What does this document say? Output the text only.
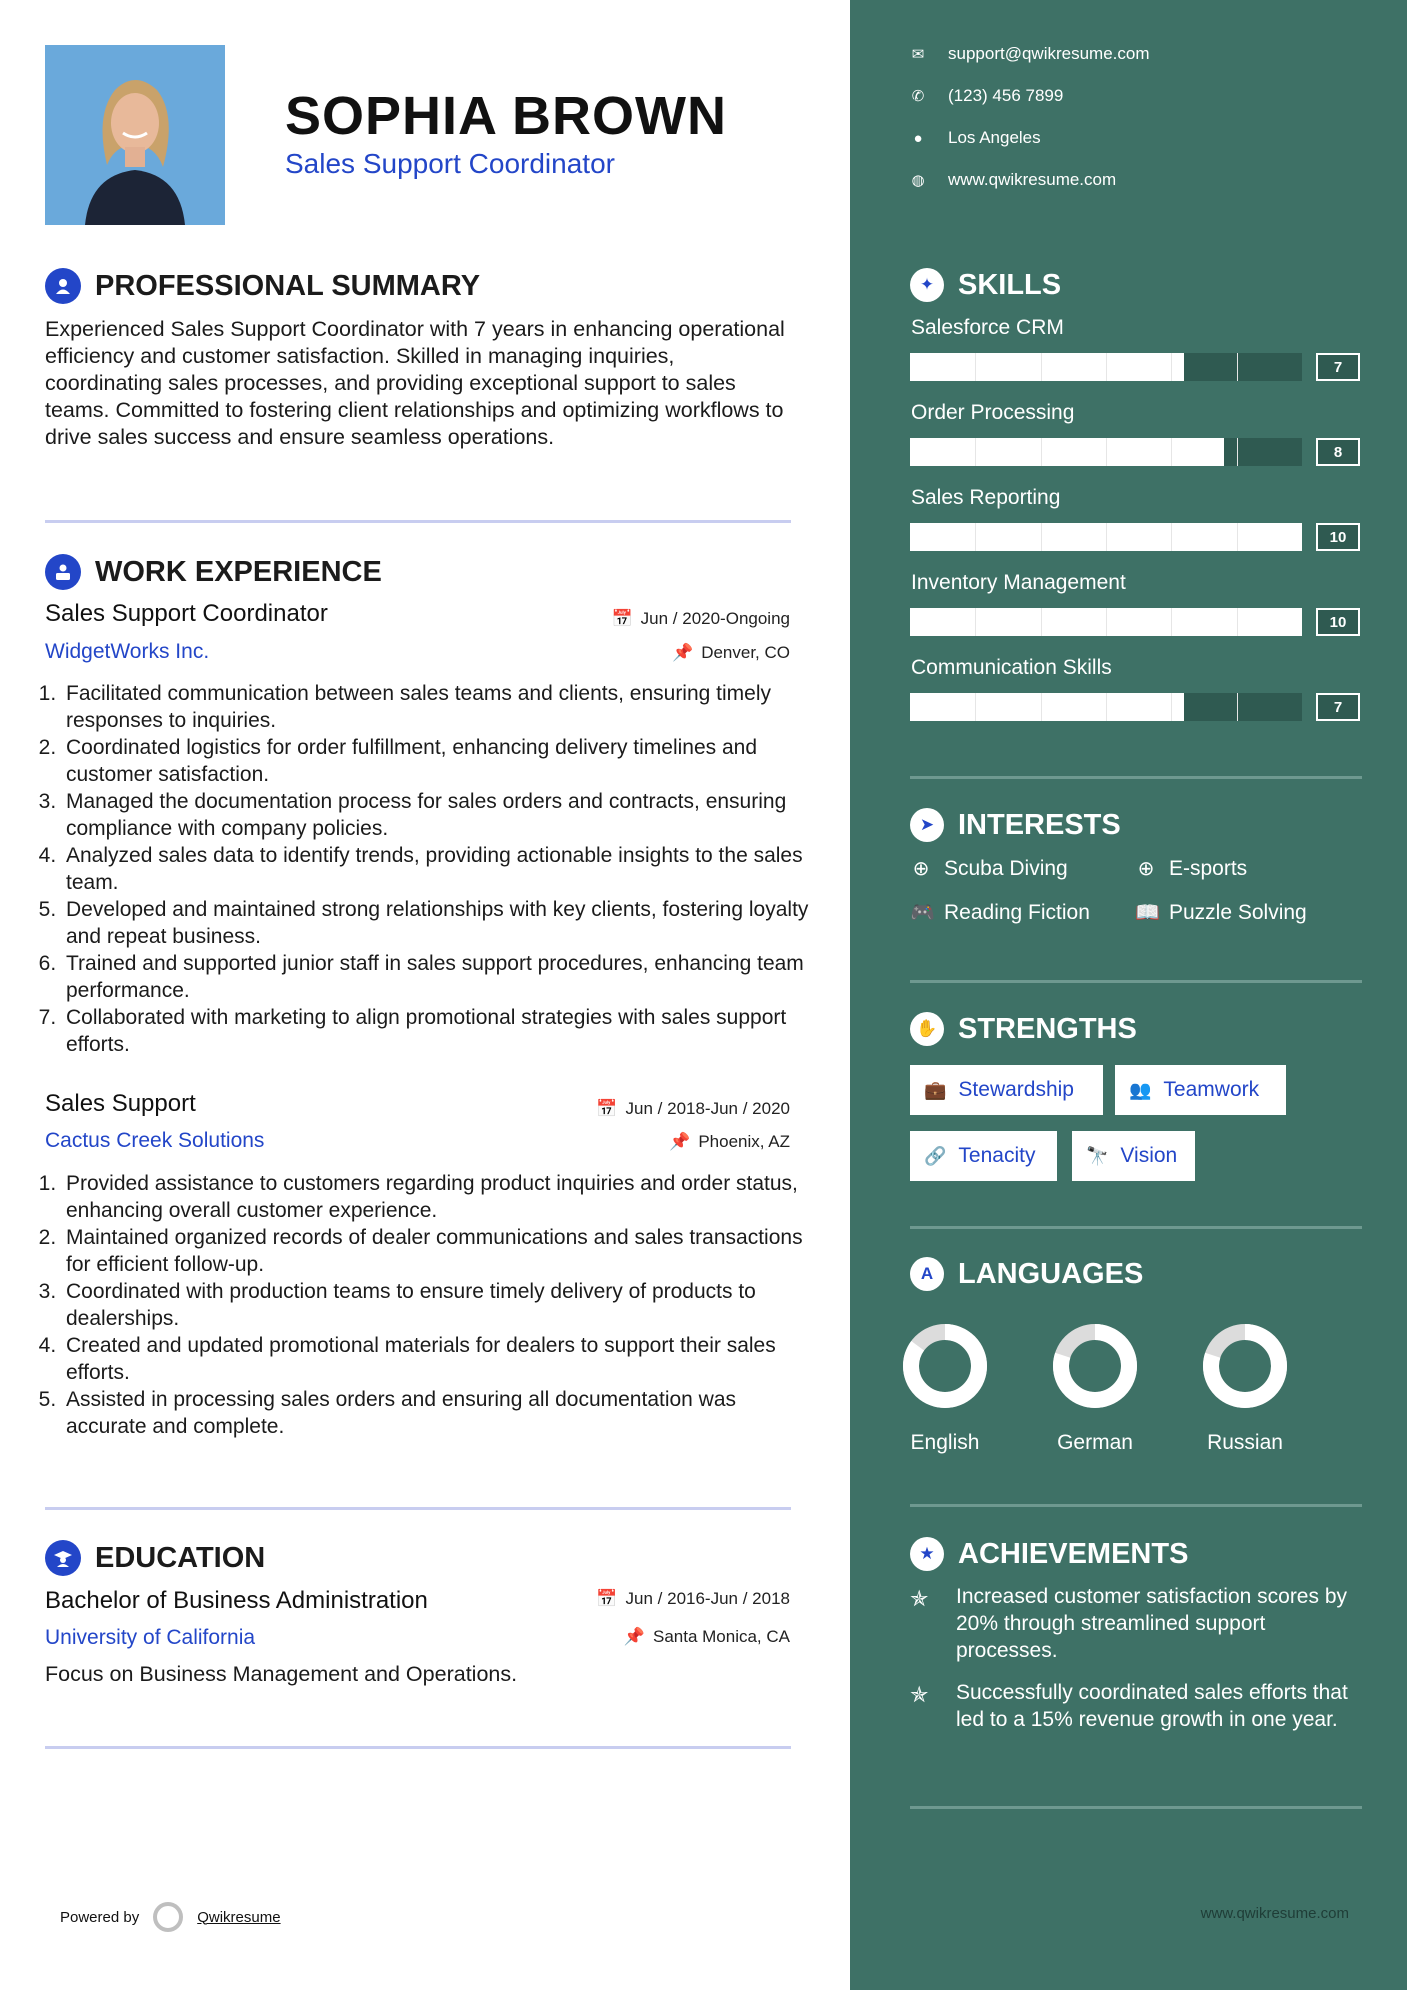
SOPHIA BROWN
Sales Support Coordinator
PROFESSIONAL SUMMARY
Experienced Sales Support Coordinator with 7 years in enhancing operational efficiency and customer satisfaction. Skilled in managing inquiries, coordinating sales processes, and providing exceptional support to sales teams. Committed to fostering client relationships and optimizing workflows to drive sales success and ensure seamless operations.
WORK EXPERIENCE
Sales Support Coordinator	📅 Jun / 2020-Ongoing
WidgetWorks Inc.	📌 Denver, CO
1. Facilitated communication between sales teams and clients, ensuring timely responses to inquiries.
2. Coordinated logistics for order fulfillment, enhancing delivery timelines and customer satisfaction.
3. Managed the documentation process for sales orders and contracts, ensuring compliance with company policies.
4. Analyzed sales data to identify trends, providing actionable insights to the sales team.
5. Developed and maintained strong relationships with key clients, fostering loyalty and repeat business.
6. Trained and supported junior staff in sales support procedures, enhancing team performance.
7. Collaborated with marketing to align promotional strategies with sales support efforts.
Sales Support	📅 Jun / 2018-Jun / 2020
Cactus Creek Solutions	📌 Phoenix, AZ
1. Provided assistance to customers regarding product inquiries and order status, enhancing overall customer experience.
2. Maintained organized records of dealer communications and sales transactions for efficient follow-up.
3. Coordinated with production teams to ensure timely delivery of products to dealerships.
4. Created and updated promotional materials for dealers to support their sales efforts.
5. Assisted in processing sales orders and ensuring all documentation was accurate and complete.
EDUCATION
Bachelor of Business Administration	📅 Jun / 2016-Jun / 2018
University of California	📌 Santa Monica, CA
Focus on Business Management and Operations.
Powered by	Qwikresume
✉ support@qwikresume.com
✆ (123) 456 7899
● Los Angeles
◍ www.qwikresume.com
✦ SKILLS
Salesforce CRM
7
Order Processing
8
Sales Reporting
10
Inventory Management
10
Communication Skills
7
➤ INTERESTS
⊕ Scuba Diving	⊕ E-sports
🎮 Reading Fiction 📖 Puzzle Solving
✋ STRENGTHS
💼 Stewardship	👥 Teamwork
🔗 Tenacity	🔭 Vision
A LANGUAGES
English	German	Russian
★ ACHIEVEMENTS
✯	Increased customer satisfaction scores by 20% through streamlined support processes.
✯	Successfully coordinated sales efforts that led to a 15% revenue growth in one year.
www.qwikresume.com
